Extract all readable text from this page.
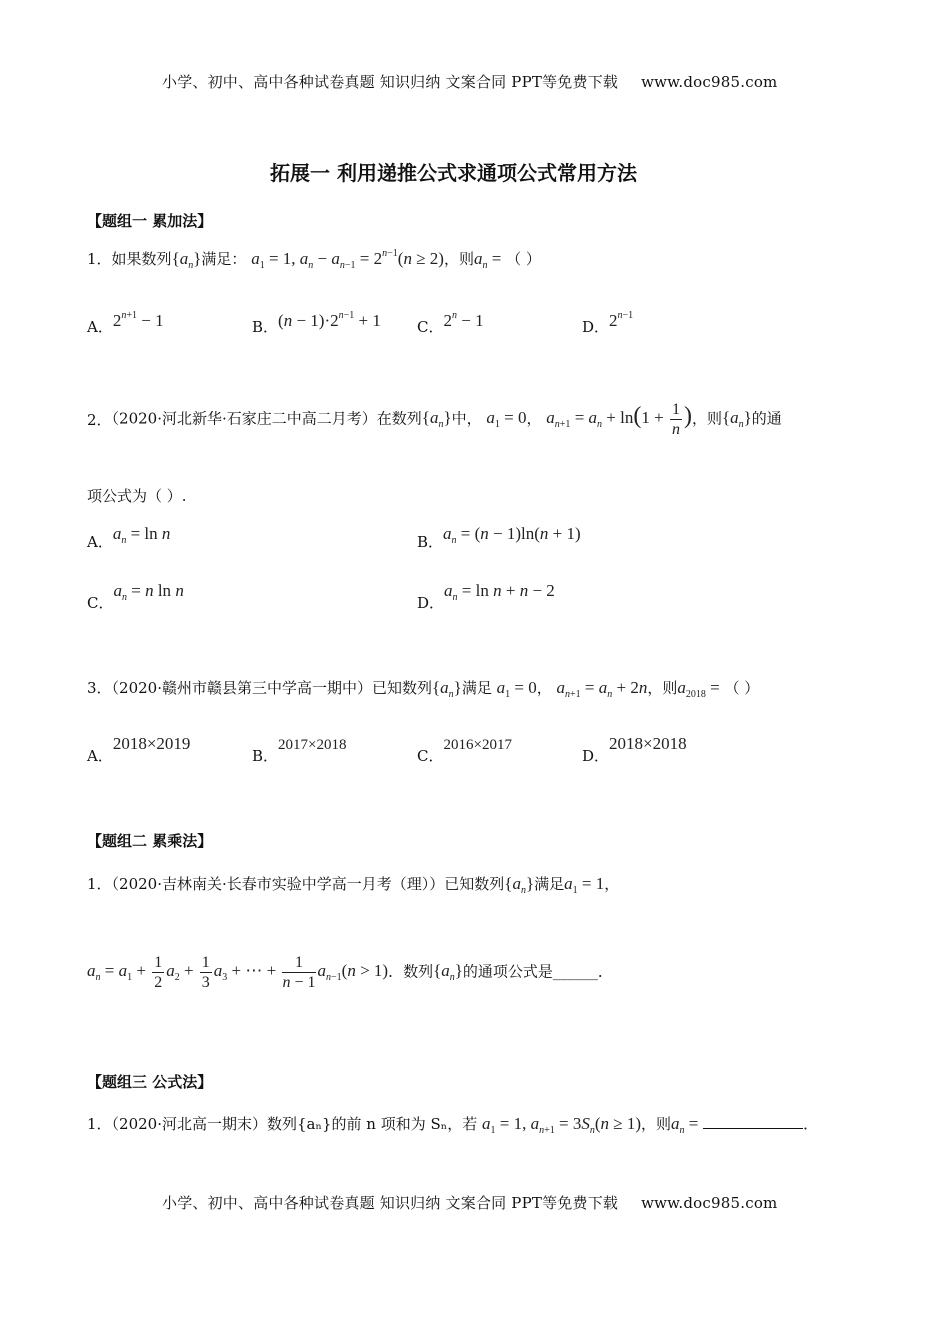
小学、初中、高中各种试卷真题 知识归纳 文案合同 PPT等免费下载 www.doc985.com
拓展一 利用递推公式求通项公式常用方法
【题组一 累加法】
1．如果数列$\{a_n\}$满足： $a_1 = 1$, $a_n - a_{n-1} = 2^{n-1}(n \ge 2)$，则$a_n$ = （ ）
A．$2^{n+1} - 1$	B．$(n - 1)\cdot 2^{n-1} + 1$ C．$2^n - 1$	D．$2^{n-1}$
2．（2020·河北新华·石家庄二中高二月考）在数列$\{a_n\}$中， $a_1 = 0$， $a_{n+1} = a_n + \ln(1 + \frac{1}{n}$ )，则$\{a_n\}$的通
项公式为（ ）.
A．$a_n = \ln n$	B．$a_n = (n - 1)\ln(n + 1)$
C．$a_n = n$ ln n
D．$a_n = \ln n + n - 2$
3．（2020·赣州市赣县第三中学高一期中）已知数列$\{a_n\}$满足 $a_1 = 0$， $a_{n+1} = a_n + 2n$，则$a_{2018}$ = （ ）
A．2018×2019
B．2017×2018
C．2016×2017
D．2018×2018
【题组二 累乘法】
1．（2020·吉林南关·长春市实验中学高一月考（理））已知数列$\{a_n\}$满足$a_1 = 1$，
$a_n = a_1 + \frac{1}{2} a_2 + \frac{1}{3} a_3$ + ⋯ + $\frac{1}{n - 1} a_{n-1}(n > 1)$．数列$\{a_n\}$的通项公式是______．
【题组三 公式法】
1．（2020·河北高一期末）数列{aₙ}的前 n 项和为 Sₙ，若 $a_1 = 1$, $a_{n+1} = 3S_n(n \ge 1)$，则$a_n$ =	．
小学、初中、高中各种试卷真题 知识归纳 文案合同 PPT等免费下载 www.doc985.com
